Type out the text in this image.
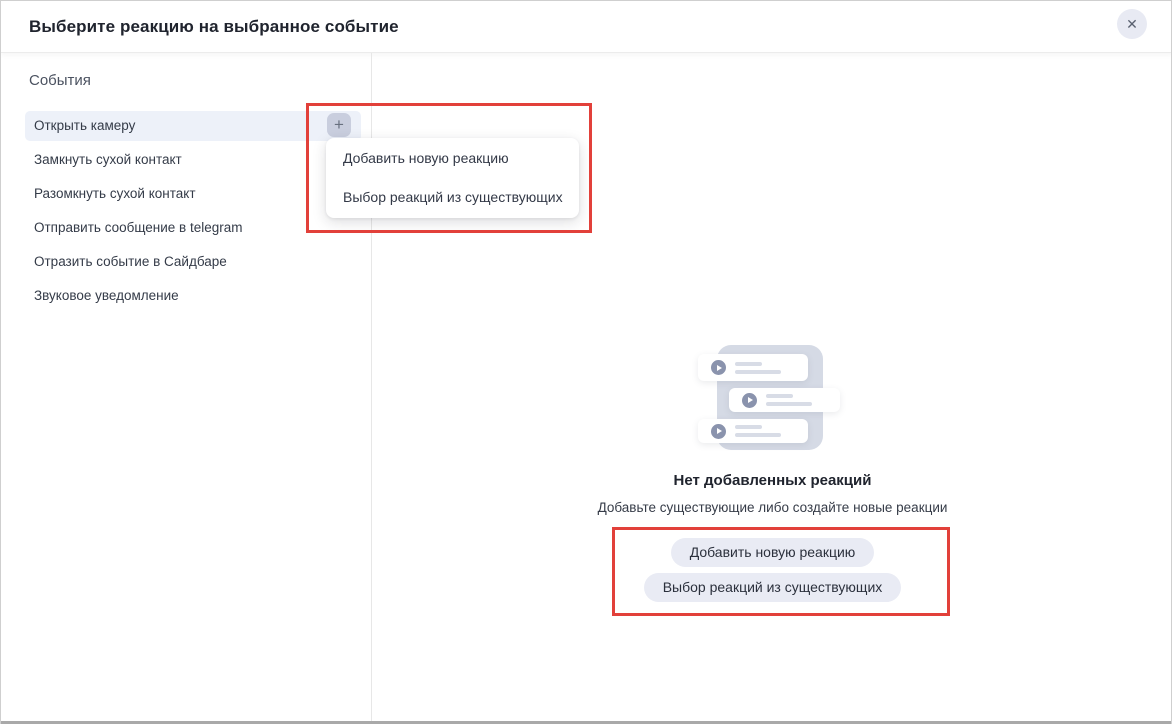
Выберите реакцию на выбранное событие	✕
События
Открыть камеру
Замкнуть сухой контакт
Разомкнуть сухой контакт
Отправить сообщение в telegram
Отразить событие в Сайдбаре
Звуковое уведомление
+
Добавить новую реакцию
Выбор реакций из существующих
Нет добавленных реакций
Добавьте существующие либо создайте новые реакции
Добавить новую реакцию
Выбор реакций из существующих
